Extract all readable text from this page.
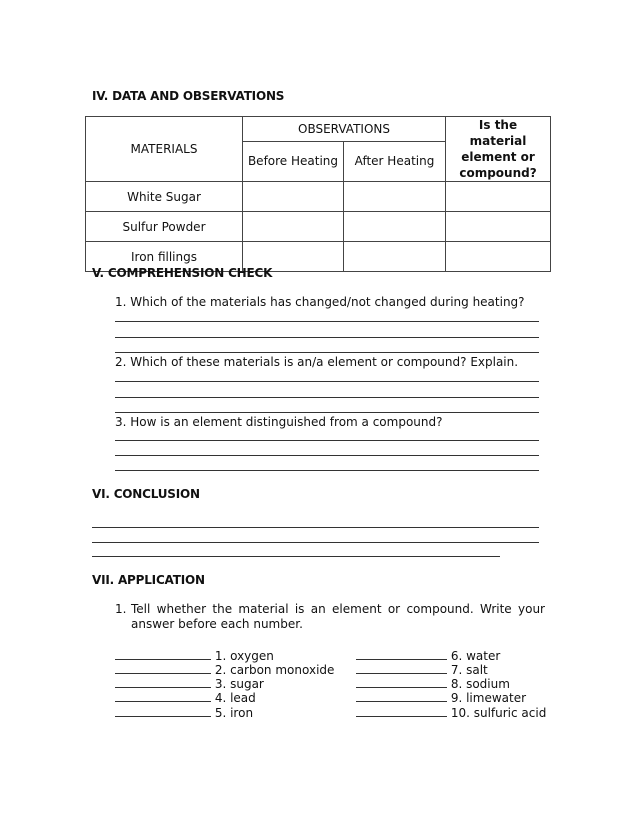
IV. DATA AND OBSERVATIONS
MATERIALS	OBSERVATIONS		Is the material element or compound?
	Before Heating	After Heating	
White Sugar			
Sulfur Powder			
Iron fillings			
V. COMPREHENSION CHECK
1. Which of the materials has changed/not changed during heating?
2. Which of these materials is an/a element or compound? Explain.
3. How is an element distinguished from a compound?
VI. CONCLUSION
VII. APPLICATION
1. Tell whether the material is an element or compound. Write your
answer before each number.
1. oxygen
2. carbon monoxide
3. sugar
4. lead
5. iron
6. water
7. salt
8. sodium
9. limewater
10. sulfuric acid
